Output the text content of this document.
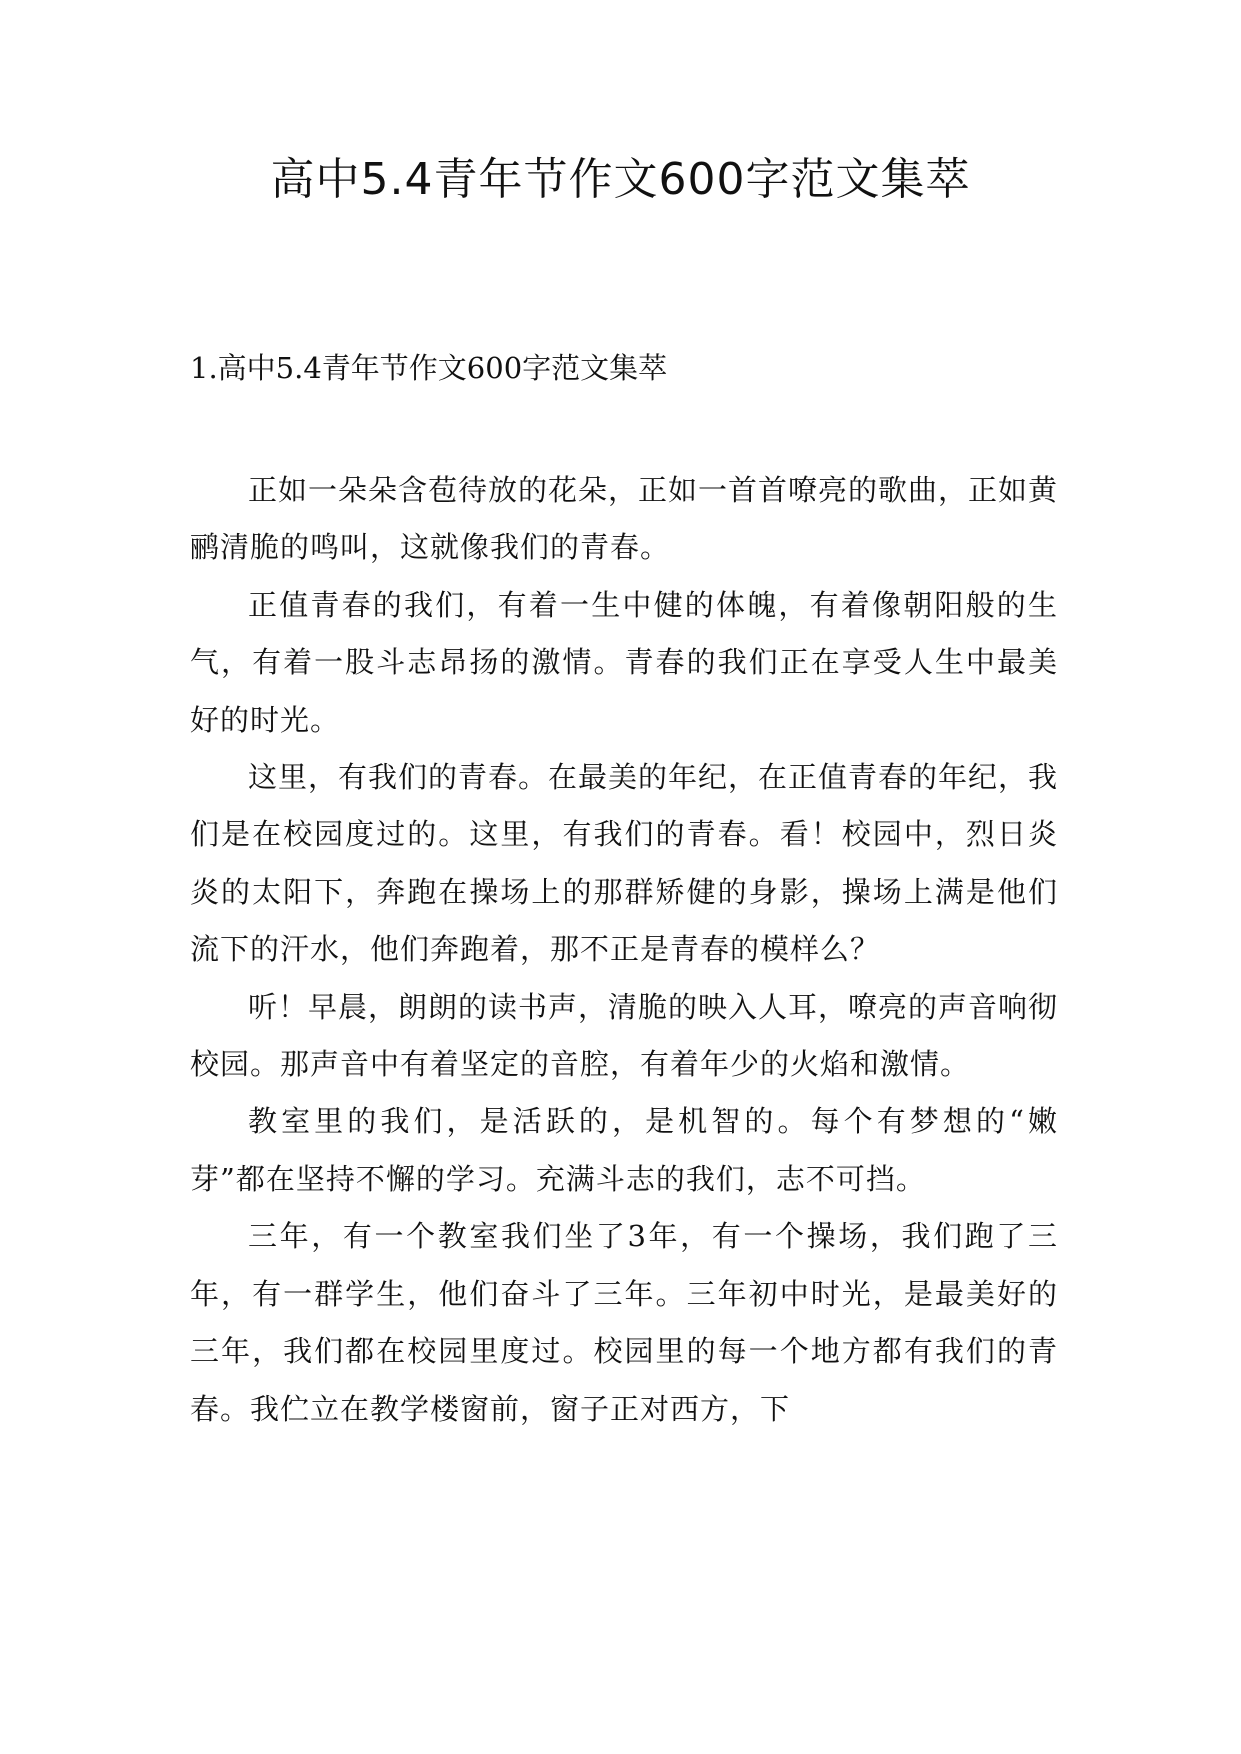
高中5.4青年节作文600字范文集萃
1.高中5.4青年节作文600字范文集萃

正如一朵朵含苞待放的花朵，正如一首首嘹亮的歌曲，正如黄鹂清脆的鸣叫，这就像我们的青春。

正值青春的我们，有着一生中健的体魄，有着像朝阳般的生气，有着一股斗志昂扬的激情。青春的我们正在享受人生中最美好的时光。

这里，有我们的青春。在最美的年纪，在正值青春的年纪，我们是在校园度过的。这里，有我们的青春。看！校园中，烈日炎炎的太阳下，奔跑在操场上的那群矫健的身影，操场上满是他们流下的汗水，他们奔跑着，那不正是青春的模样么？

听！早晨，朗朗的读书声，清脆的映入人耳，嘹亮的声音响彻校园。那声音中有着坚定的音腔，有着年少的火焰和激情。

教室里的我们，是活跃的，是机智的。每个有梦想的“嫩芽”都在坚持不懈的学习。充满斗志的我们，志不可挡。

三年，有一个教室我们坐了3年，有一个操场，我们跑了三年，有一群学生，他们奋斗了三年。三年初中时光，是最美好的三年，我们都在校园里度过。校园里的每一个地方都有我们的青春。我伫立在教学楼窗前，窗子正对西方，下
